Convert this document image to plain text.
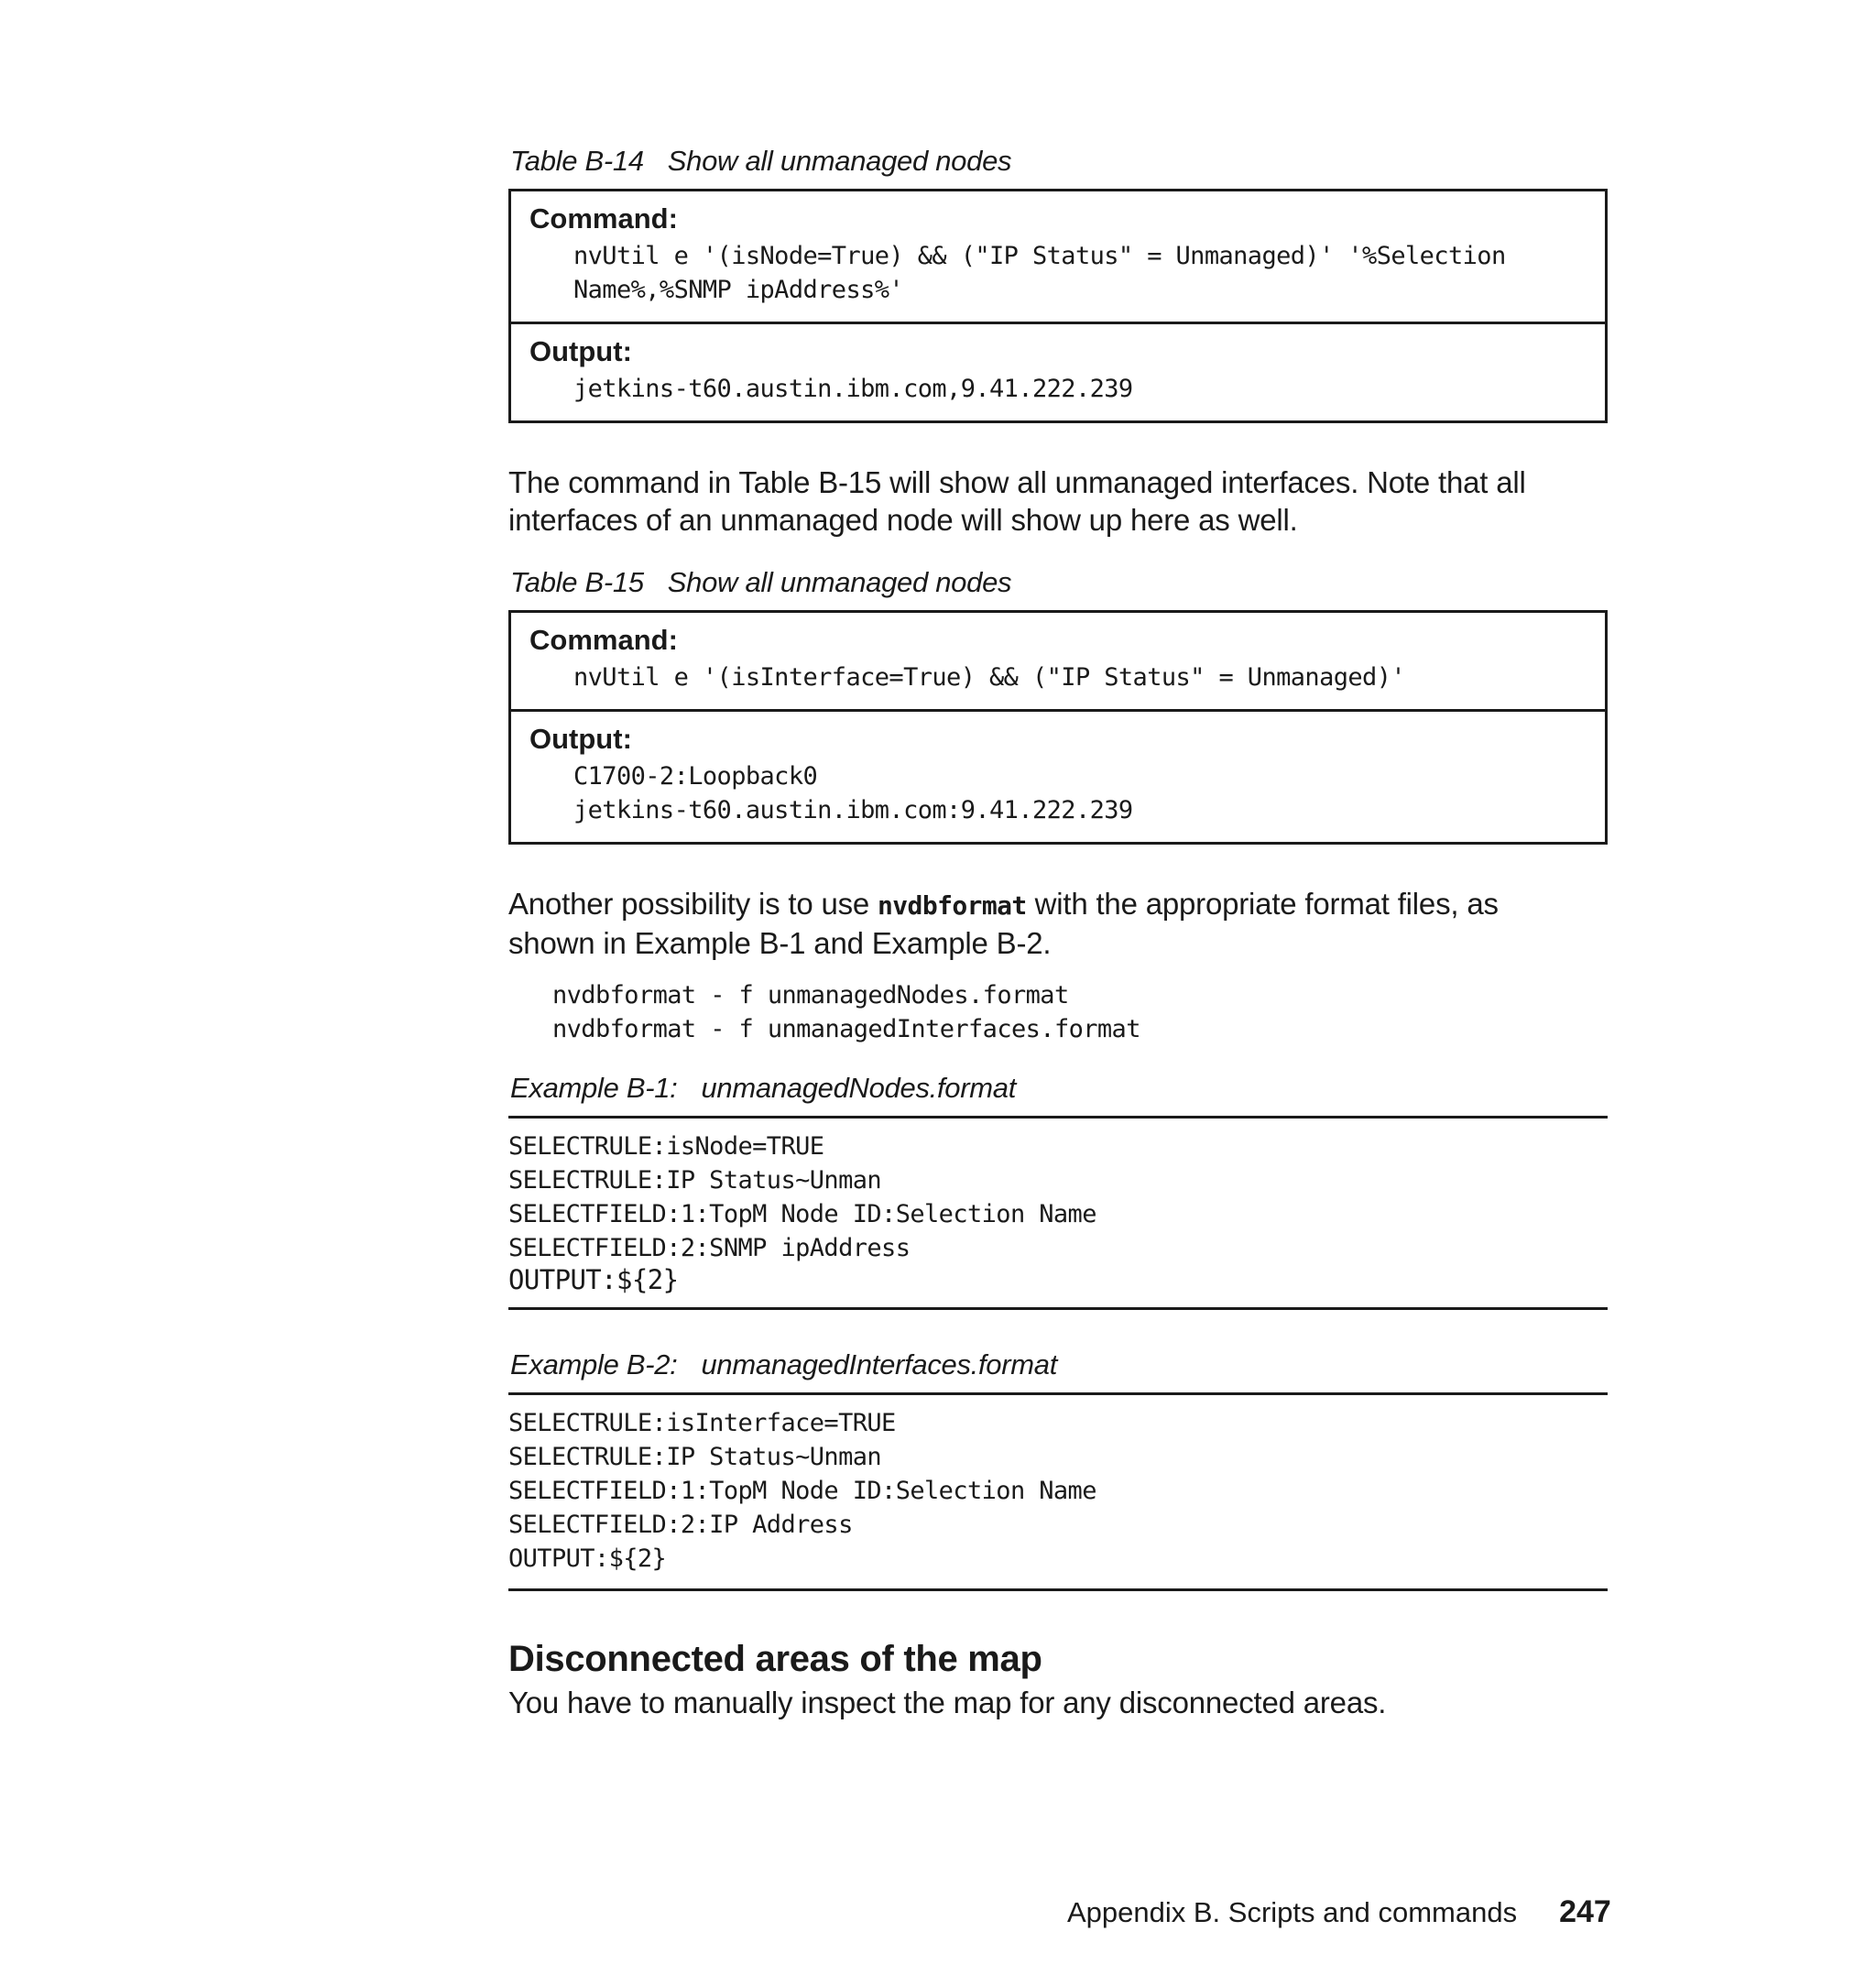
Table B-14 Show all unmanaged nodes
Command:
nvUtil e '(isNode=True) && ("IP Status" = Unmanaged)' '%Selection
Name%,%SNMP ipAddress%'
Output:
jetkins-t60.austin.ibm.com,9.41.222.239

The command in Table B-15 will show all unmanaged interfaces. Note that all
interfaces of an unmanaged node will show up here as well.

Table B-15 Show all unmanaged nodes
Command:
nvUtil e '(isInterface=True) && ("IP Status" = Unmanaged)'
Output:
C1700-2:Loopback0
jetkins-t60.austin.ibm.com:9.41.222.239

Another possibility is to use nvdbformat with the appropriate format files, as
shown in Example B-1 and Example B-2.

nvdbformat - f unmanagedNodes.format
nvdbformat - f unmanagedInterfaces.format
Example B-1: unmanagedNodes.format
SELECTRULE:isNode=TRUE
SELECTRULE:IP Status~Unman
SELECTFIELD:1:TopM Node ID:Selection Name
SELECTFIELD:2:SNMP ipAddress
OUTPUT:${2}
Example B-2: unmanagedInterfaces.format
SELECTRULE:isInterface=TRUE
SELECTRULE:IP Status~Unman
SELECTFIELD:1:TopM Node ID:Selection Name
SELECTFIELD:2:IP Address
OUTPUT:${2}
Disconnected areas of the map

You have to manually inspect the map for any disconnected areas.

Appendix B. Scripts and commands 247
